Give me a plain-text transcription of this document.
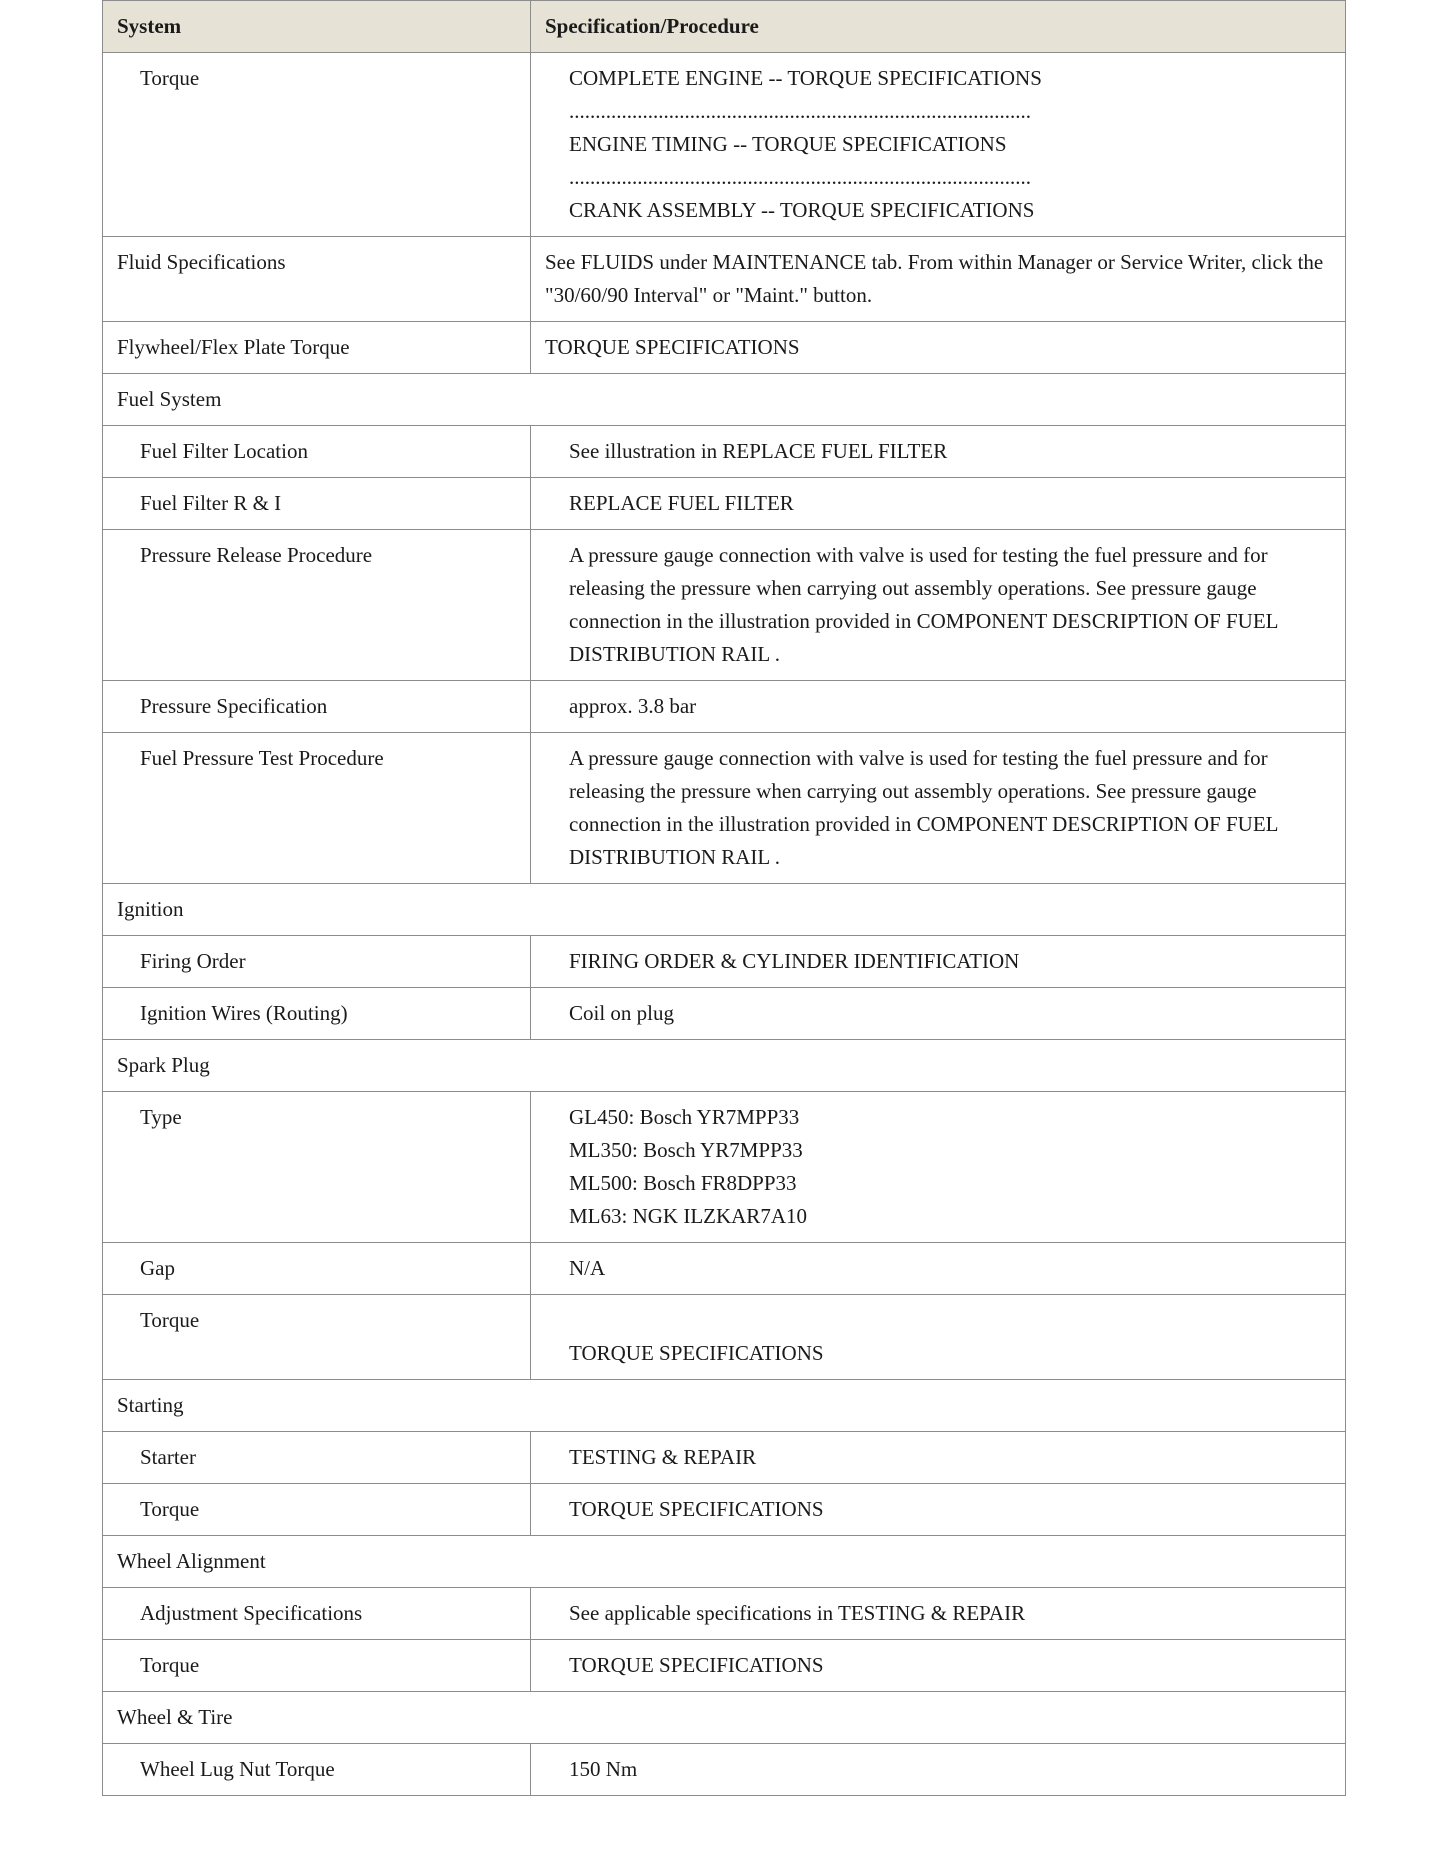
System	Specification/Procedure
Torque	COMPLETE ENGINE -- TORQUE SPECIFICATIONS
........................................................................................
ENGINE TIMING -- TORQUE SPECIFICATIONS
........................................................................................
CRANK ASSEMBLY -- TORQUE SPECIFICATIONS

Fluid Specifications	See FLUIDS under MAINTENANCE tab. From within Manager or Service Writer, click the "30/60/90 Interval" or "Maint." button.
Flywheel/Flex Plate Torque	TORQUE SPECIFICATIONS
Fuel System	
Fuel Filter Location	See illustration in REPLACE FUEL FILTER
Fuel Filter R & I	REPLACE FUEL FILTER
Pressure Release Procedure	A pressure gauge connection with valve is used for testing the fuel pressure and for releasing the pressure when carrying out assembly operations. See pressure gauge connection in the illustration provided in COMPONENT DESCRIPTION OF FUEL DISTRIBUTION RAIL .
Pressure Specification	approx. 3.8 bar
Fuel Pressure Test Procedure	A pressure gauge connection with valve is used for testing the fuel pressure and for releasing the pressure when carrying out assembly operations. See pressure gauge connection in the illustration provided in COMPONENT DESCRIPTION OF FUEL DISTRIBUTION RAIL .
Ignition	
Firing Order	FIRING ORDER & CYLINDER IDENTIFICATION
Ignition Wires (Routing)	Coil on plug
Spark Plug	
Type	GL450: Bosch YR7MPP33
ML350: Bosch YR7MPP33
ML500: Bosch FR8DPP33
ML63: NGK ILZKAR7A10

Gap	N/A
Torque	TORQUE SPECIFICATIONS

Starting	
Starter	TESTING & REPAIR
Torque	TORQUE SPECIFICATIONS
Wheel Alignment	
Adjustment Specifications	See applicable specifications in TESTING & REPAIR
Torque	TORQUE SPECIFICATIONS
Wheel & Tire	
Wheel Lug Nut Torque	150 Nm
